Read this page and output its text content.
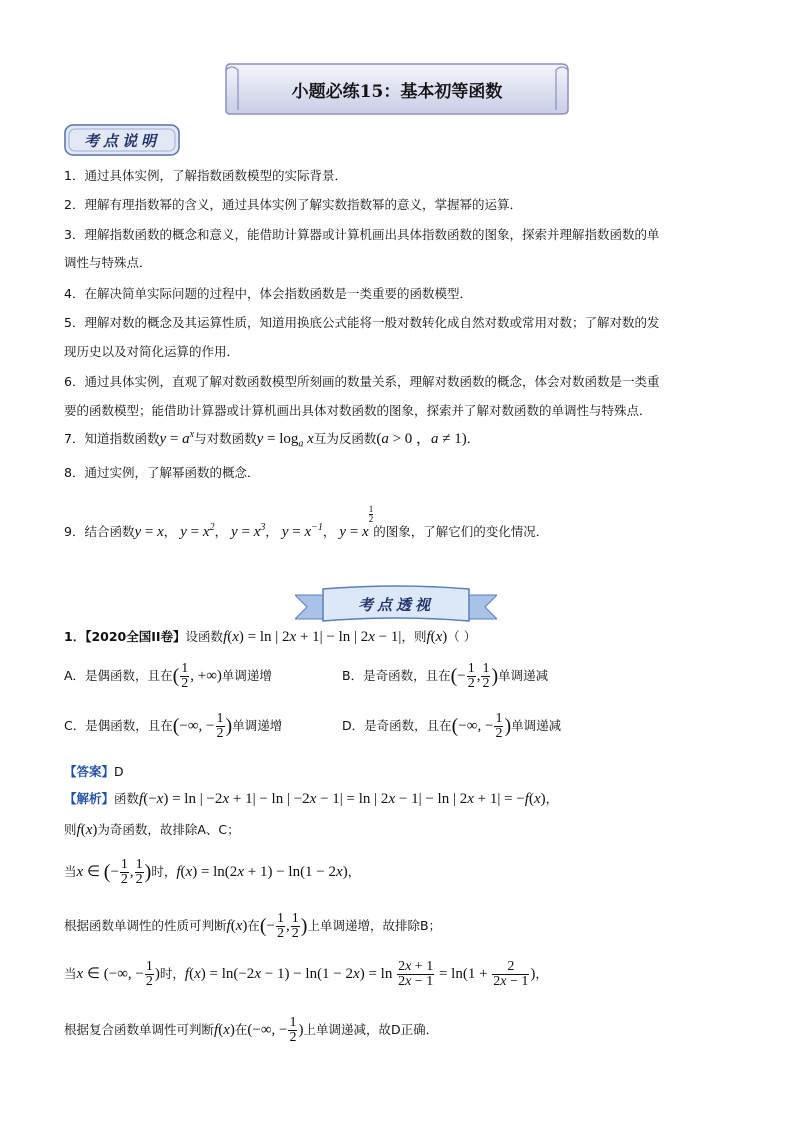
小题必练15：基本初等函数
考点说明
1．通过具体实例，了解指数函数模型的实际背景．
2．理解有理指数幂的含义，通过具体实例了解实数指数幂的意义，掌握幂的运算．
3．理解指数函数的概念和意义，能借助计算器或计算机画出具体指数函数的图象，探索并理解指数函数的单
调性与特殊点．
4．在解决简单实际问题的过程中，体会指数函数是一类重要的函数模型．
5．理解对数的概念及其运算性质，知道用换底公式能将一般对数转化成自然对数或常用对数；了解对数的发
现历史以及对简化运算的作用．
6．通过具体实例，直观了解对数函数模型所刻画的数量关系，理解对数函数的概念，体会对数函数是一类重
要的函数模型；能借助计算器或计算机画出具体对数函数的图象，探索并了解对数函数的单调性与特殊点．
7．知道指数函数$y = a^x$与对数函数$y = \log_a x$互为反函数(a > 0 ，a ≠ 1)．
8．通过实例，了解幂函数的概念．
9．结合函数y = x， $y = x^2$， $y = x^3$， $y = x^{-1}$， y = x
$\frac{1}{2}$
的图象，了解它们的变化情况．
考点透视
1．【2020全国II卷】设函数f(x) = ln | 2x + 1| − ln | 2x − 1|，则f(x)（ ）
A．是偶函数，且在( $\frac{1}{2}$ , +∞)单调递增	B．是奇函数，且在(− $\frac{1}{2}$ , $\frac{1}{2}$ )单调递减
C．是偶函数，且在(−∞, − $\frac{1}{2}$ )单调递增	D．是奇函数，且在(−∞, − $\frac{1}{2}$ )单调递减
【答案】D
【解析】函数f(−x) = ln | −2x + 1| − ln | −2x − 1| = ln | 2x − 1| − ln | 2x + 1| = −f(x)，
则f(x)为奇函数，故排除A、C；
当x ∈ (− $\frac{1}{2}$ , $\frac{1}{2}$ )时，f(x) = ln(2x + 1) − ln(1 − 2x)，
根据函数单调性的性质可判断f(x)在(− $\frac{1}{2}$ , $\frac{1}{2}$ )上单调递增，故排除B；
当x ∈ (−∞, − $\frac{1}{2}$ )时，$f(x) = \ln(-2x - 1) - \ln(1 - 2x) = \ln \frac{2x + 1}{2x - 1} = \ln(1 + \frac{2}{2x - 1}$ )，
根据复合函数单调性可判断f(x)在(−∞, − $\frac{1}{2}$ )上单调递减，故D正确．
